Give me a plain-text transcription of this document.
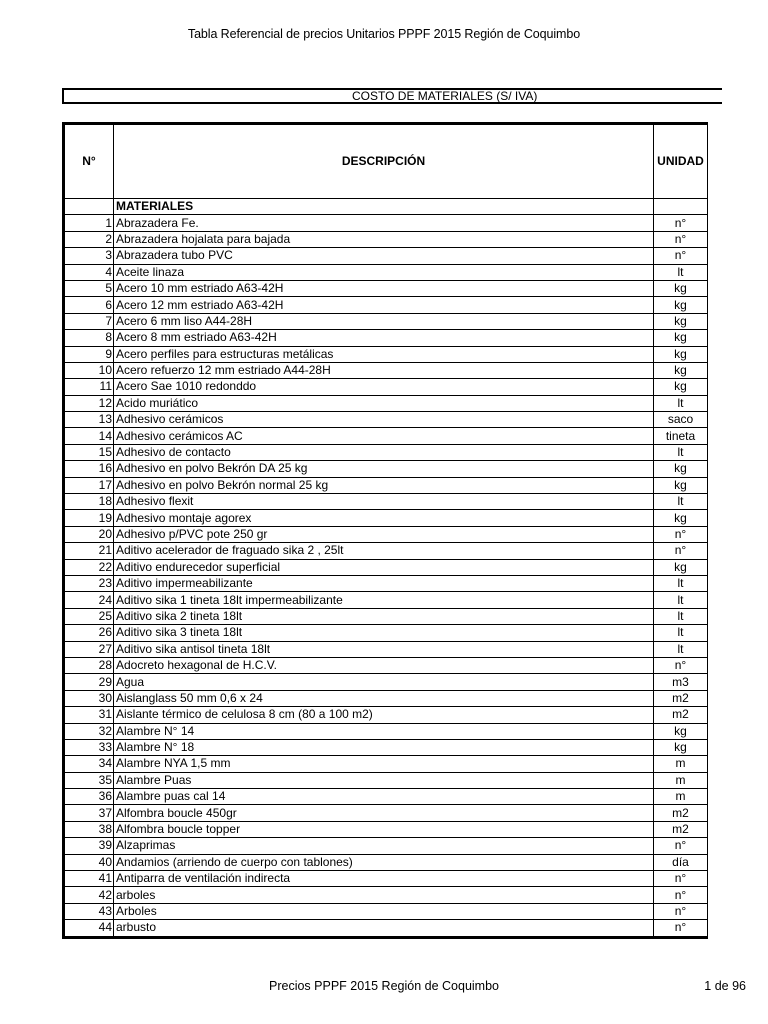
Tabla Referencial de precios Unitarios PPPF 2015 Región de Coquimbo
COSTO DE MATERIALES (S/ IVA)
N°	DESCRIPCIÓN	UNIDAD
	MATERIALES	
1	Abrazadera Fe.	n°
2	Abrazadera hojalata para bajada	n°
3	Abrazadera tubo PVC	n°
4	Aceite linaza	lt
5	Acero 10 mm estriado A63-42H	kg
6	Acero 12 mm estriado A63-42H	kg
7	Acero 6 mm liso A44-28H	kg
8	Acero 8 mm estriado A63-42H	kg
9	Acero perfiles para estructuras metálicas	kg
10	Acero refuerzo 12 mm estriado A44-28H	kg
11	Acero Sae 1010 redonddo	kg
12	Acido muriático	lt
13	Adhesivo cerámicos	saco
14	Adhesivo cerámicos AC	tineta
15	Adhesivo de contacto	lt
16	Adhesivo en polvo Bekrón DA 25 kg	kg
17	Adhesivo en polvo Bekrón normal 25 kg	kg
18	Adhesivo flexit	lt
19	Adhesivo montaje agorex	kg
20	Adhesivo p/PVC pote 250 gr	n°
21	Aditivo acelerador de fraguado sika 2 , 25lt	n°
22	Aditivo endurecedor superficial	kg
23	Aditivo impermeabilizante	lt
24	Aditivo sika 1 tineta 18lt impermeabilizante	lt
25	Aditivo sika 2 tineta 18lt	lt
26	Aditivo sika 3 tineta 18lt	lt
27	Aditivo sika antisol tineta 18lt	lt
28	Adocreto hexagonal de H.C.V.	n°
29	Agua	m3
30	Aislanglass 50 mm 0,6 x 24	m2
31	Aislante térmico de celulosa 8 cm (80 a 100 m2)	m2
32	Alambre N° 14	kg
33	Alambre N° 18	kg
34	Alambre NYA 1,5 mm	m
35	Alambre Puas	m
36	Alambre puas cal 14	m
37	Alfombra boucle 450gr	m2
38	Alfombra boucle topper	m2
39	Alzaprimas	n°
40	Andamios (arriendo de cuerpo con tablones)	día
41	Antiparra de ventilación indirecta	n°
42	arboles	n°
43	Arboles	n°
44	arbusto	n°
Precios PPPF 2015 Región de Coquimbo	1 de 96
